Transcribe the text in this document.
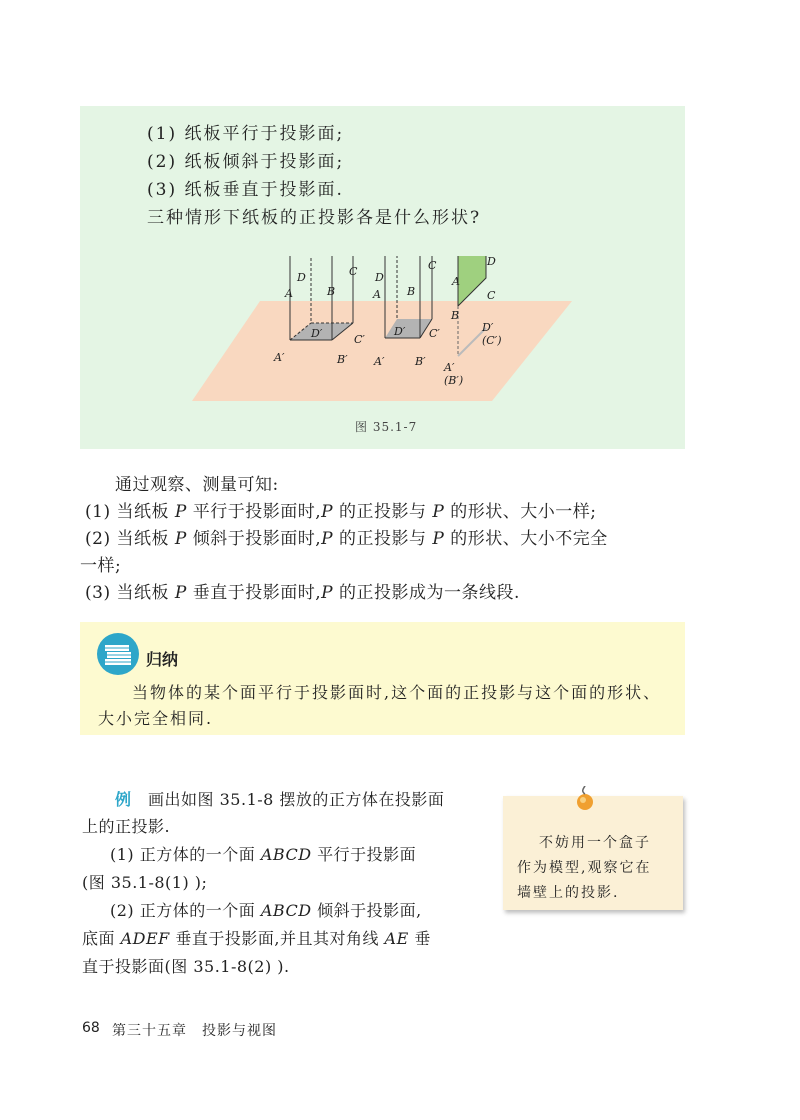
(1) 纸板平行于投影面;
(2) 纸板倾斜于投影面;
(3) 纸板垂直于投影面.
三种情形下纸板的正投影各是什么形状?
D	C
A	B
D′	C′
A′	B′
D
C
A B
D′ C′
A′	B′
D
A
C
B
D′(C′)
A′(B′)
图 35.1-7
通过观察、测量可知:
(1) 当纸板 P 平行于投影面时,P 的正投影与 P 的形状、大小一样;
(2) 当纸板 P 倾斜于投影面时,P 的正投影与 P 的形状、大小不完全
一样;
(3) 当纸板 P 垂直于投影面时,P 的正投影成为一条线段.
归纳
当物体的某个面平行于投影面时,这个面的正投影与这个面的形状、
大小完全相同.
例　 画出如图 35.1-8 摆放的正方体在投影面
上的正投影.
(1) 正方体的一个面 ABCD 平行于投影面
(图 35.1-8(1) );
(2) 正方体的一个面 ABCD 倾斜于投影面,
底面 ADEF 垂直于投影面,并且其对角线 AE 垂
直于投影面(图 35.1-8(2) ).
不妨用一个盒子
作为模型,观察它在
墙壁上的投影.
68 第三十五章　投影与视图
